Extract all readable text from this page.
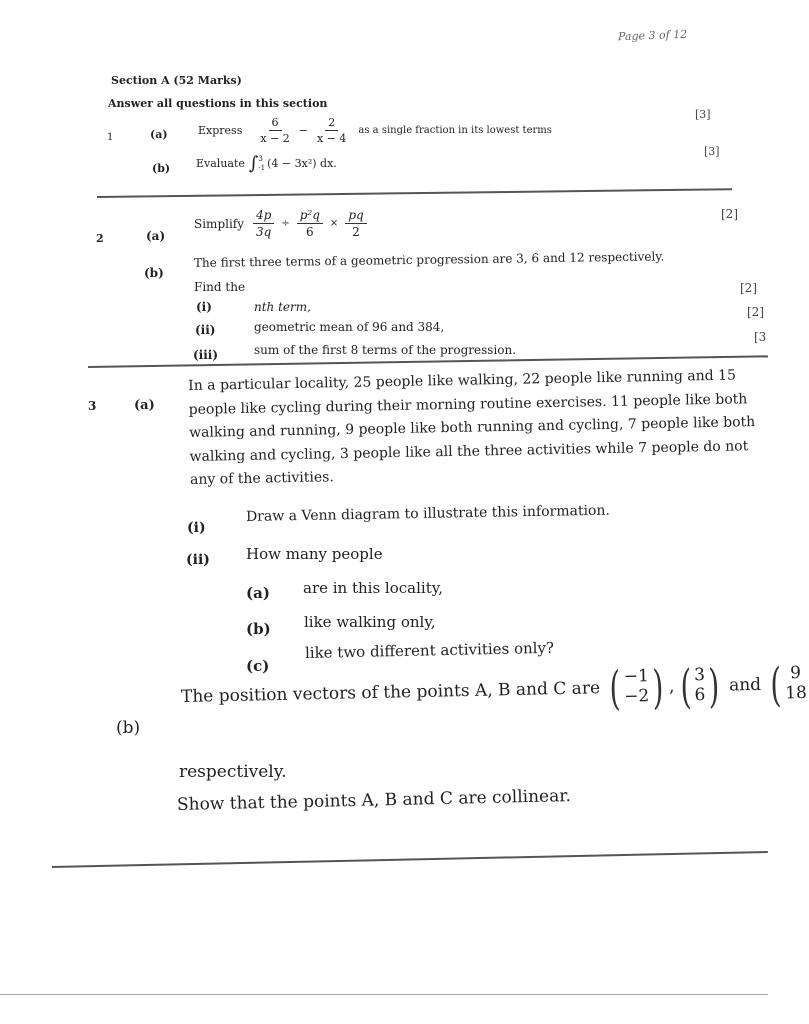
Page 3 of 12
Section A (52 Marks)
Answer all questions in this section
1	(a)	Express $\frac{6}{x - 2} - \frac{2}{x - 4}$ as a single fraction in its lowest terms
[3]
(b) Evaluate ∫ 3
-1 (4 − 3x²) dx.
[3]
2	(a)
Simplify $\frac{4p}{3q} \div \frac{\text{p²q}}{6} \times \frac{pq}{2}$	[2]
(b)
The first three terms of a geometric progression are 3, 6 and 12 respectively.
Find the
(i)	nth term,
[2]
(ii)	geometric mean of 96 and 384,
[2]
(iii)	sum of the first 8 terms of the progression.
[3
3	(a)
In a particular locality, 25 people like walking, 22 people like running and 15
people like cycling during their morning routine exercises. 11 people like both
walking and running, 9 people like both running and cycling, 7 people like both
walking and cycling, 3 people like all the three activities while 7 people do not
any of the activities.
(i)
Draw a Venn diagram to illustrate this information.
(ii) How many people
(a) are in this locality,
(b) like walking only,
(c)
like two different activities only?
(b)
The position vectors of the points A, B and C are ( −1
−2 ) , ( 3
6 ) and ( 9
18
respectively.
Show that the points A, B and C are collinear.
